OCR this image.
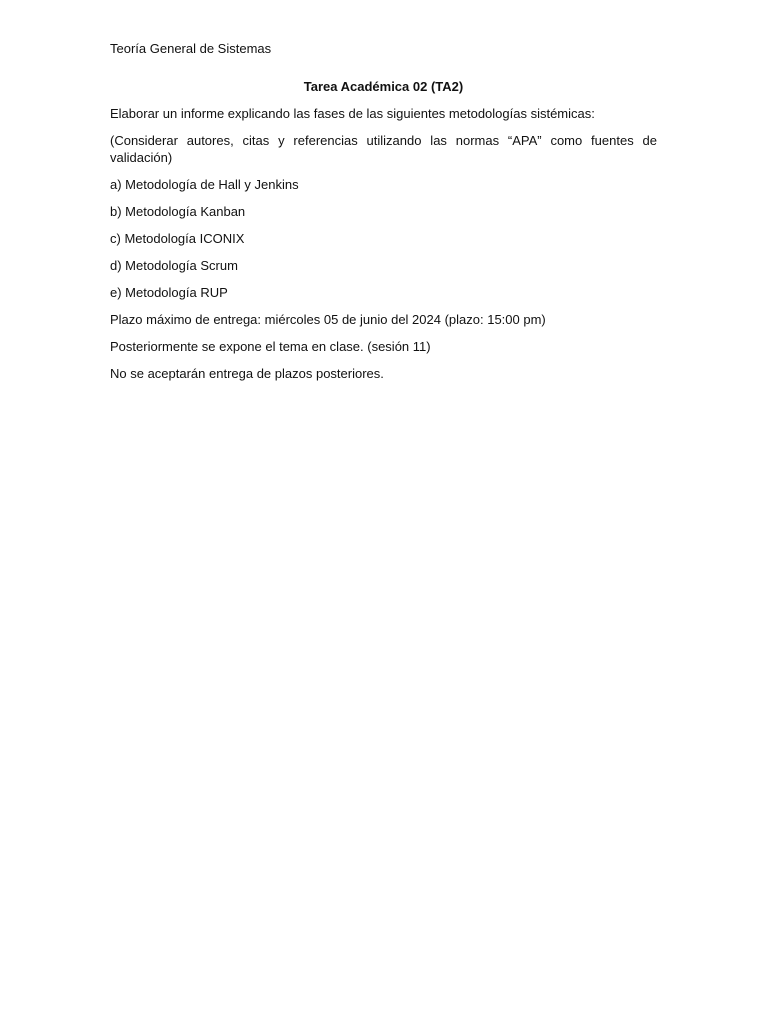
Teoría General de Sistemas
Tarea Académica 02 (TA2)
Elaborar un informe explicando las fases de las siguientes metodologías sistémicas:
(Considerar autores, citas y referencias utilizando las normas “APA” como fuentes de validación)
a) Metodología de Hall y Jenkins
b) Metodología Kanban
c) Metodología ICONIX
d) Metodología Scrum
e) Metodología RUP
Plazo máximo de entrega: miércoles 05 de junio del 2024 (plazo: 15:00 pm)
Posteriormente se expone el tema en clase. (sesión 11)
No se aceptarán entrega de plazos posteriores.
